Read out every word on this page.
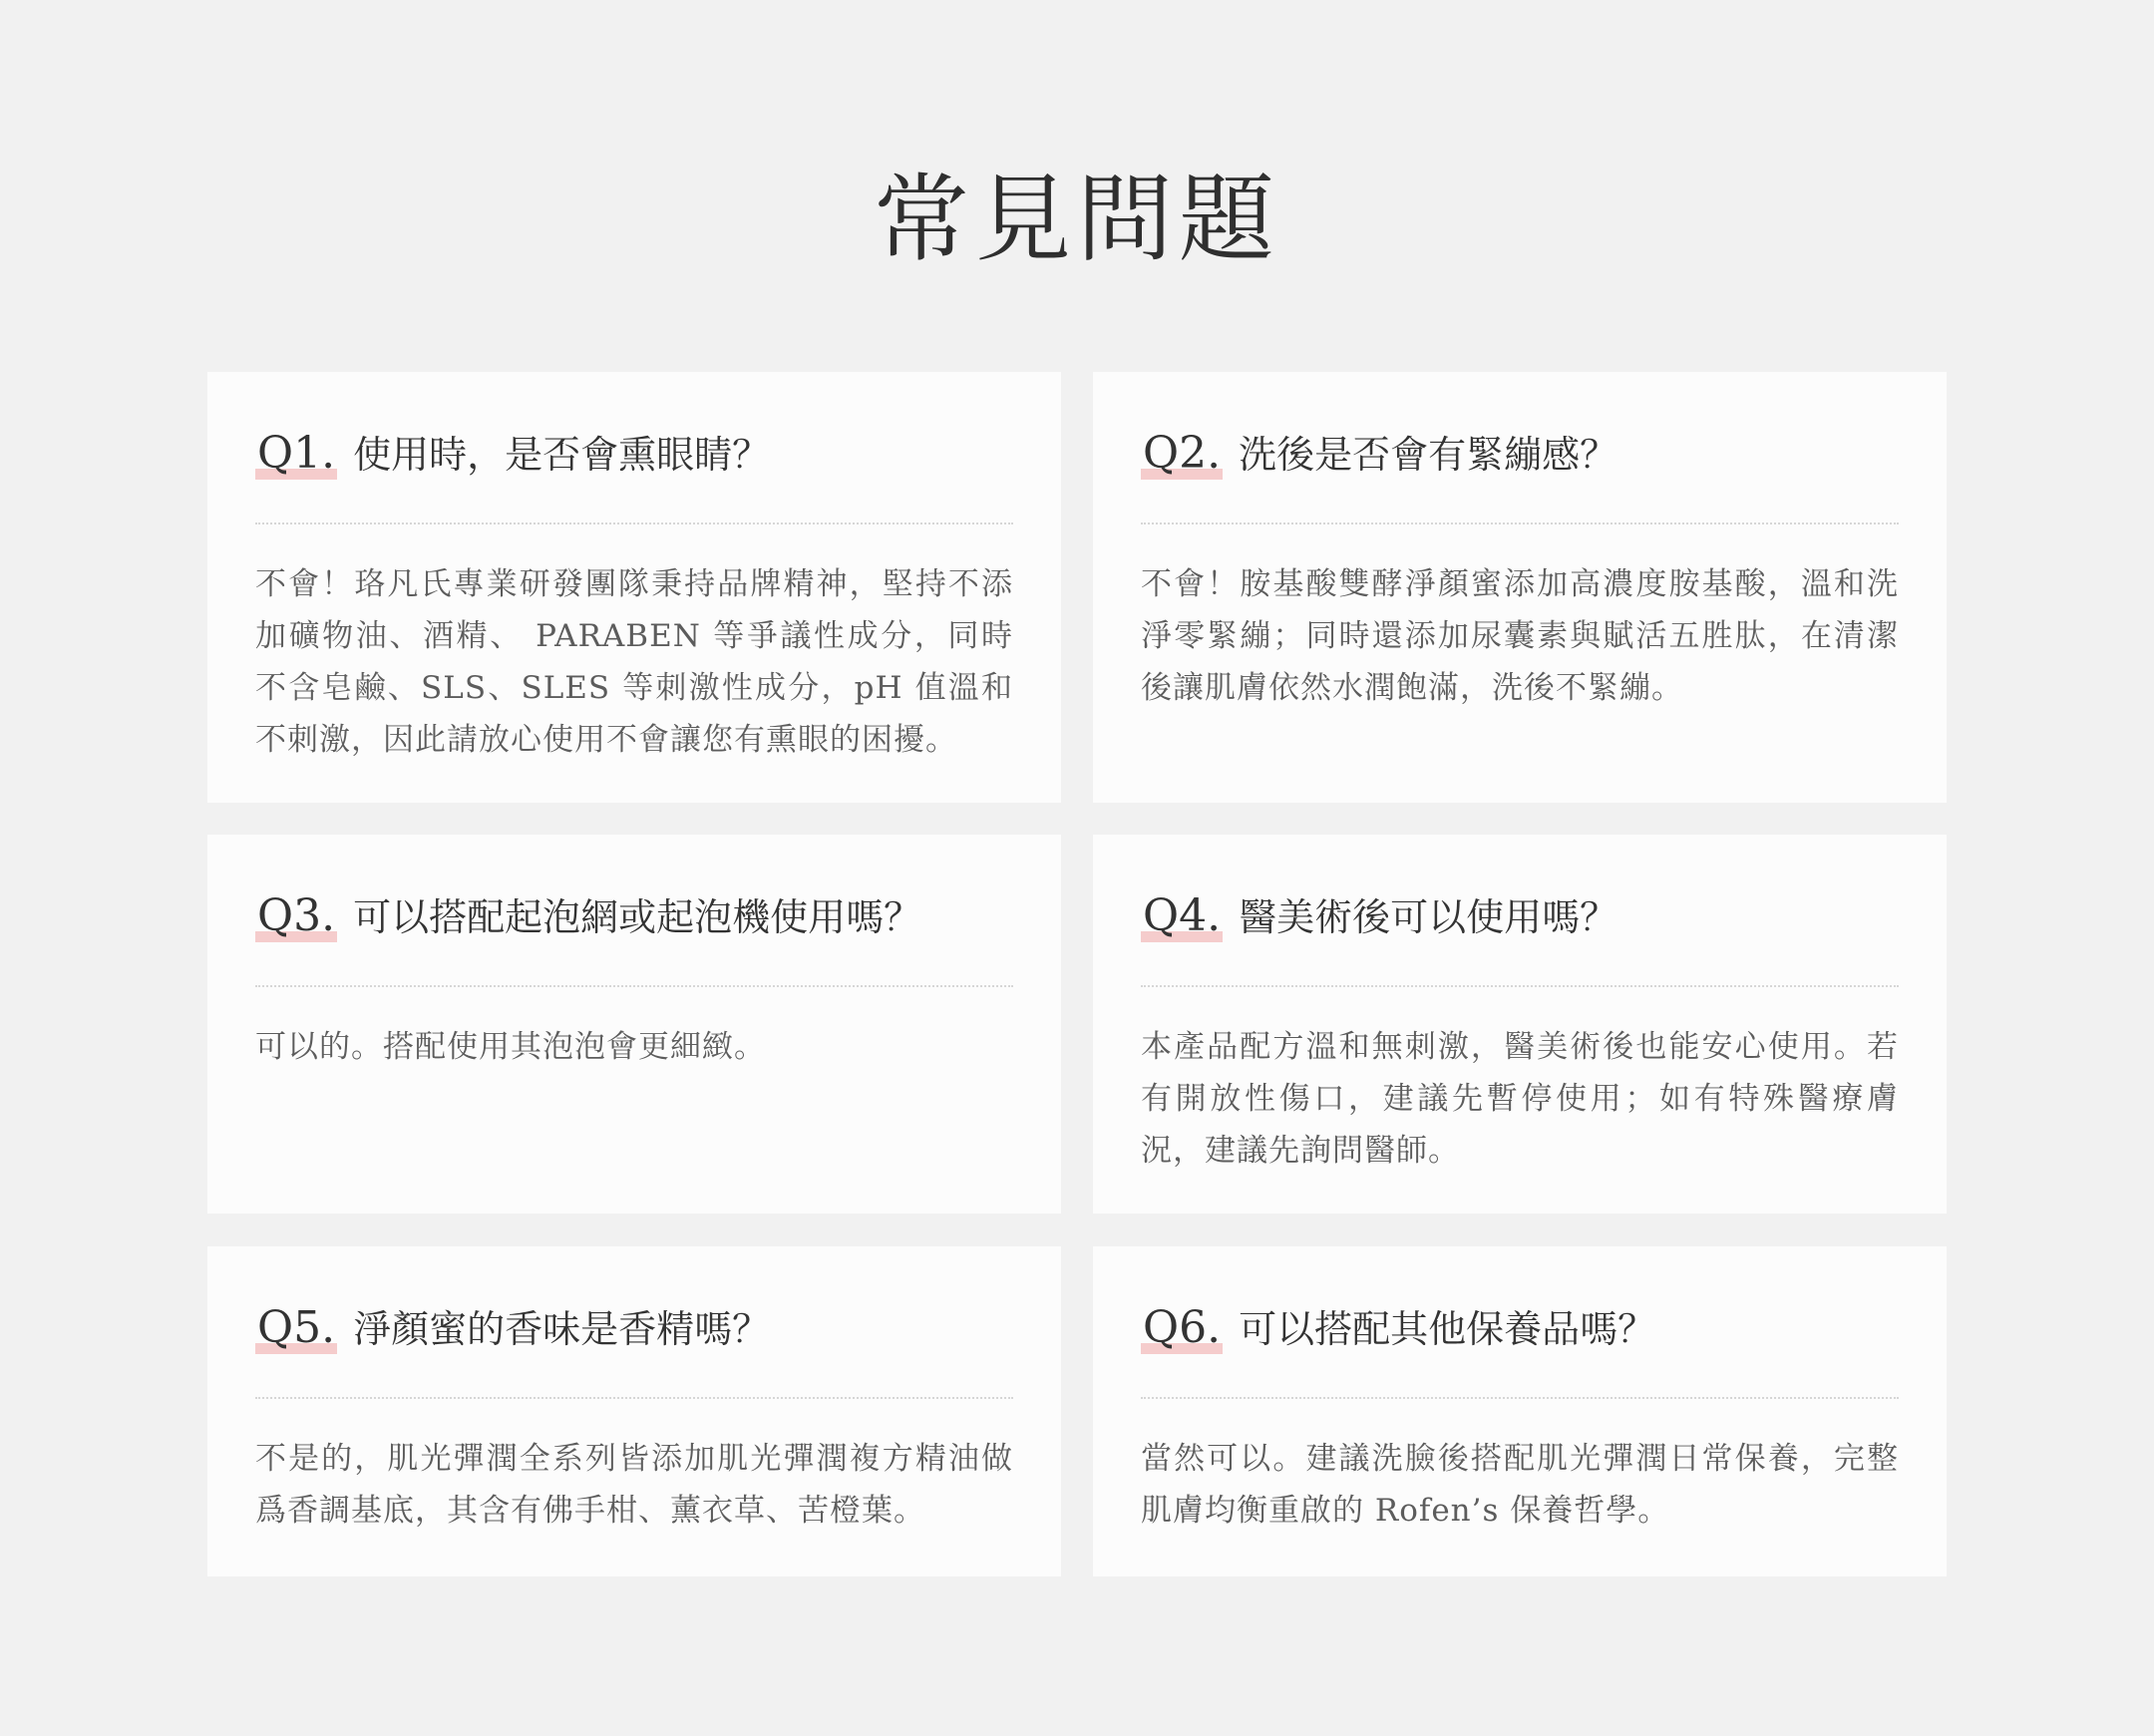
常見問題
Q1. 使用時，是否會熏眼睛？

不會！珞凡氏專業研發團隊秉持品牌精神，堅持不添加礦物油、酒精、 PARABEN 等爭議性成分，同時不含皂鹼、SLS、SLES 等刺激性成分，pH 值溫和不刺激，因此請放心使用不會讓您有熏眼的困擾。

Q2. 洗後是否會有緊繃感？

不會！胺基酸雙酵淨顏蜜添加高濃度胺基酸，溫和洗淨零緊繃；同時還添加尿囊素與賦活五胜肽，在清潔後讓肌膚依然水潤飽滿，洗後不緊繃。

Q3. 可以搭配起泡網或起泡機使用嗎？

可以的。搭配使用其泡泡會更細緻。

Q4. 醫美術後可以使用嗎？

本產品配方溫和無刺激，醫美術後也能安心使用。若有開放性傷口，建議先暫停使用；如有特殊醫療膚況，建議先詢問醫師。

Q5. 淨顏蜜的香味是香精嗎？

不是的，肌光彈潤全系列皆添加肌光彈潤複方精油做爲香調基底，其含有佛手柑、薰衣草、苦橙葉。

Q6. 可以搭配其他保養品嗎？

當然可以。建議洗臉後搭配肌光彈潤日常保養，完整肌膚均衡重啟的 Rofen’s 保養哲學。
